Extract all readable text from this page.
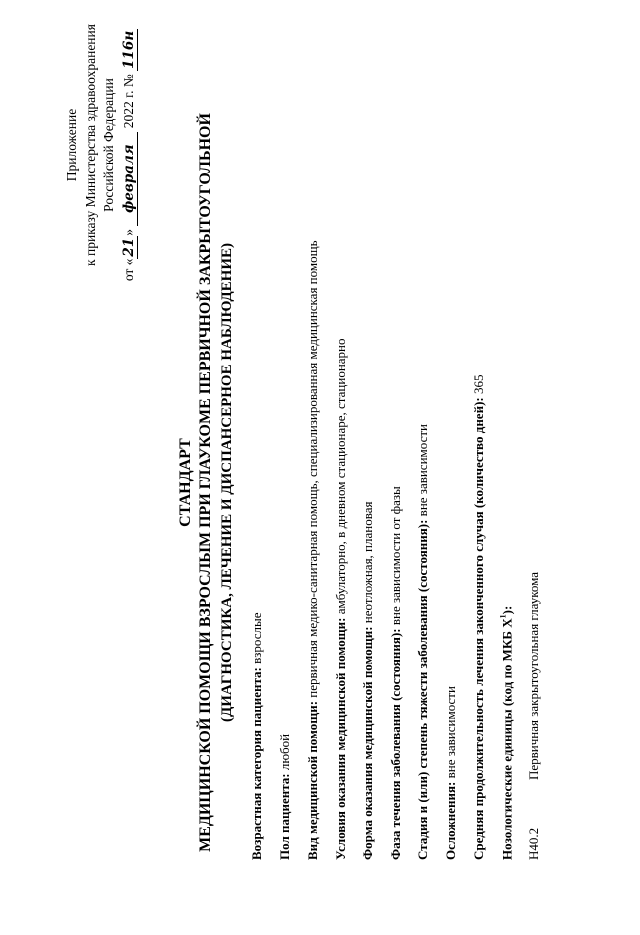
Приложение к приказу Министерства здравоохранения Российской Федерации
от «21» февраля 2022 г. № 116н
СТАНДАРТ МЕДИЦИНСКОЙ ПОМОЩИ ВЗРОСЛЫМ ПРИ ГЛАУКОМЕ ПЕРВИЧНОЙ ЗАКРЫТОУГОЛЬНОЙ (ДИАГНОСТИКА, ЛЕЧЕНИЕ И ДИСПАНСЕРНОЕ НАБЛЮДЕНИЕ)
Возрастная категория пациента: взрослые
Пол пациента: любой Вид медицинской помощи: первичная медико-санитарная помощь, специализированная медицинская помощь
Условия оказания медицинской помощи: амбулаторно, в дневном стационаре, стационарно
Форма оказания медицинской помощи: неотложная, плановая
Фаза течения заболевания (состояния): вне зависимости от фазы Стадия и (или) степень тяжести заболевания (состояния): вне зависимости
Осложнения: вне зависимости Средняя продолжительность лечения законченного случая (количество дней): 365
Нозологические единицы (код по МКБ $X^1$):
H40.2
Первичная закрытоугольная глаукома
